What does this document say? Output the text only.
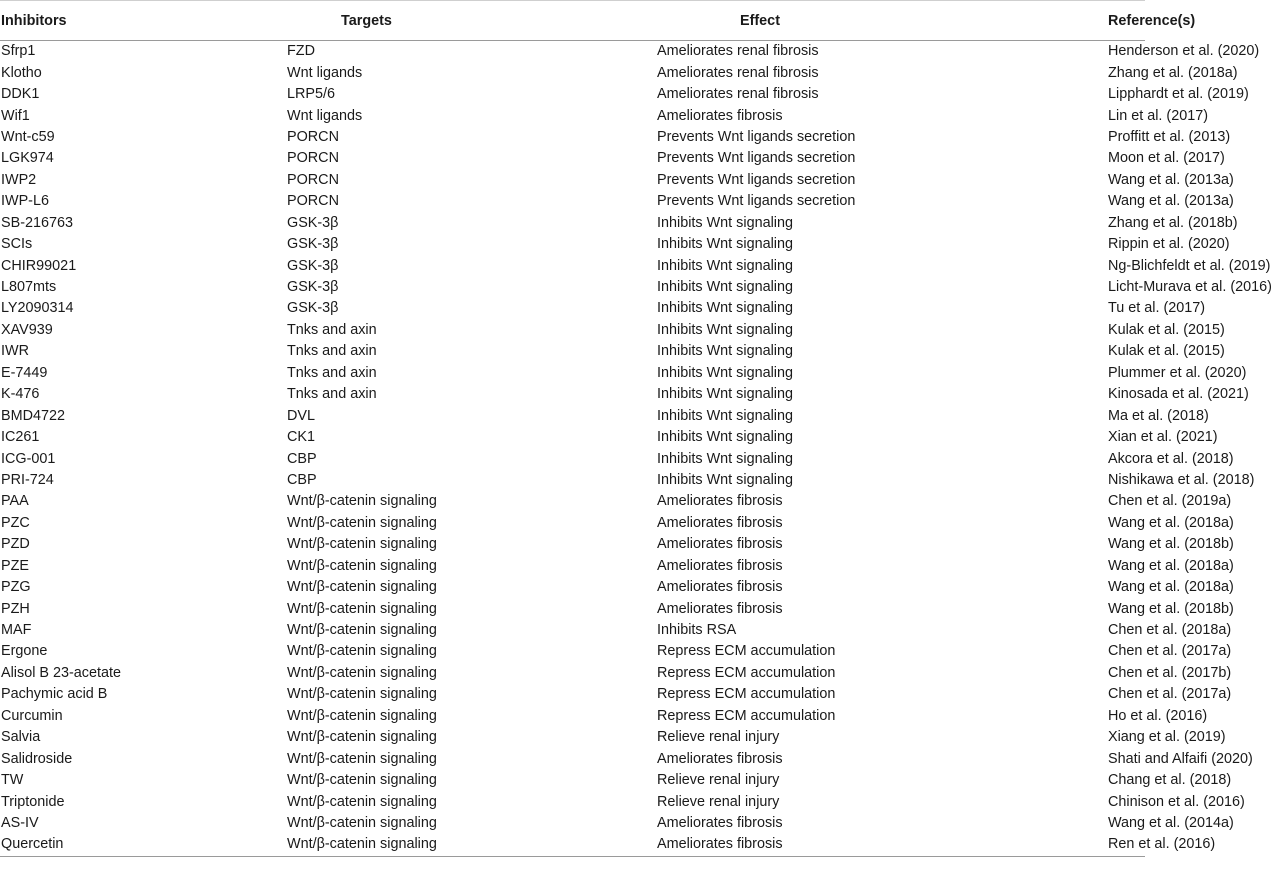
Inhibitors	Targets	Effect	Reference(s)
Sfrp1	FZD	Ameliorates renal fibrosis	Henderson et al. (2020)
Klotho	Wnt ligands	Ameliorates renal fibrosis	Zhang et al. (2018a)
DDK1	LRP5/6	Ameliorates renal fibrosis	Lipphardt et al. (2019)
Wif1	Wnt ligands	Ameliorates fibrosis	Lin et al. (2017)
Wnt-c59	PORCN	Prevents Wnt ligands secretion	Proffitt et al. (2013)
LGK974	PORCN	Prevents Wnt ligands secretion	Moon et al. (2017)
IWP2	PORCN	Prevents Wnt ligands secretion	Wang et al. (2013a)
IWP-L6	PORCN	Prevents Wnt ligands secretion	Wang et al. (2013a)
SB-216763	GSK-3β	Inhibits Wnt signaling	Zhang et al. (2018b)
SCIs	GSK-3β	Inhibits Wnt signaling	Rippin et al. (2020)
CHIR99021	GSK-3β	Inhibits Wnt signaling	Ng-Blichfeldt et al. (2019)
L807mts	GSK-3β	Inhibits Wnt signaling	Licht-Murava et al. (2016)
LY2090314	GSK-3β	Inhibits Wnt signaling	Tu et al. (2017)
XAV939	Tnks and axin	Inhibits Wnt signaling	Kulak et al. (2015)
IWR	Tnks and axin	Inhibits Wnt signaling	Kulak et al. (2015)
E-7449	Tnks and axin	Inhibits Wnt signaling	Plummer et al. (2020)
K-476	Tnks and axin	Inhibits Wnt signaling	Kinosada et al. (2021)
BMD4722	DVL	Inhibits Wnt signaling	Ma et al. (2018)
IC261	CK1	Inhibits Wnt signaling	Xian et al. (2021)
ICG-001	CBP	Inhibits Wnt signaling	Akcora et al. (2018)
PRI-724	CBP	Inhibits Wnt signaling	Nishikawa et al. (2018)
PAA	Wnt/β-catenin signaling	Ameliorates fibrosis	Chen et al. (2019a)
PZC	Wnt/β-catenin signaling	Ameliorates fibrosis	Wang et al. (2018a)
PZD	Wnt/β-catenin signaling	Ameliorates fibrosis	Wang et al. (2018b)
PZE	Wnt/β-catenin signaling	Ameliorates fibrosis	Wang et al. (2018a)
PZG	Wnt/β-catenin signaling	Ameliorates fibrosis	Wang et al. (2018a)
PZH	Wnt/β-catenin signaling	Ameliorates fibrosis	Wang et al. (2018b)
MAF	Wnt/β-catenin signaling	Inhibits RSA	Chen et al. (2018a)
Ergone	Wnt/β-catenin signaling	Repress ECM accumulation	Chen et al. (2017a)
Alisol B 23-acetate	Wnt/β-catenin signaling	Repress ECM accumulation	Chen et al. (2017b)
Pachymic acid B	Wnt/β-catenin signaling	Repress ECM accumulation	Chen et al. (2017a)
Curcumin	Wnt/β-catenin signaling	Repress ECM accumulation	Ho et al. (2016)
Salvia	Wnt/β-catenin signaling	Relieve renal injury	Xiang et al. (2019)
Salidroside	Wnt/β-catenin signaling	Ameliorates fibrosis	Shati and Alfaifi (2020)
TW	Wnt/β-catenin signaling	Relieve renal injury	Chang et al. (2018)
Triptonide	Wnt/β-catenin signaling	Relieve renal injury	Chinison et al. (2016)
AS-IV	Wnt/β-catenin signaling	Ameliorates fibrosis	Wang et al. (2014a)
Quercetin	Wnt/β-catenin signaling	Ameliorates fibrosis	Ren et al. (2016)
